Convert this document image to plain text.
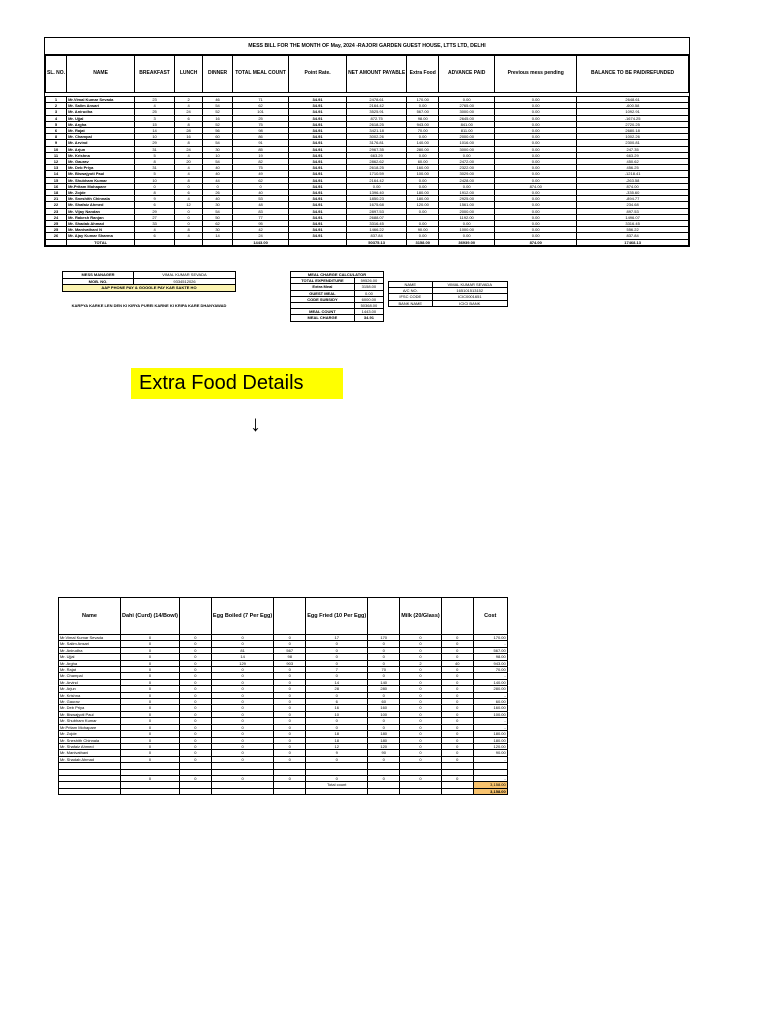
MESS BILL FOR THE MONTH OF May, 2024 -RAJORI GARDEN GUEST HOUSE, LTTS LTD, DELHI
SL. NO.	NAME	BREAKFAST	LUNCH	DINNER	TOTAL MEAL COUNT	Point Rate.	NET AMOUNT PAYABLE	Extra Food	ADVANCE PAID	Previous mess pending	BALANCE TO BE PAID/REFUNDED

1	Mr.Vimal Kumar Sevada	23	2	46	71	34.91	2478.61	170.00	0.00	0.00	2648.61
2	Mr. Salim Ansari	4	4	54	62	34.91	2164.42	0.00	2765.00	0.00	-600.58
3	Mr. Anirudha	25	24	52	101	34.91	3525.91	567.00	3000.00	0.00	1092.91
4	Mr. Ujjal	3	6	16	25	34.91	872.75	98.00	2645.00	0.00	-1674.25
5	Mr. Argha	15	8	52	75	34.91	2618.25	943.00	841.00	0.00	2720.25
6	Mr. Rajat	14	28	56	98	34.91	3421.18	70.00	811.00	0.00	2680.18
8	Mr. Champal	10	16	60	86	34.91	3002.26	0.00	2000.00	0.00	1002.26
9	Mr. Arvind	29	8	54	91	34.91	3176.81	140.00	1016.00	0.00	2300.81
10	Mr. Arjun	31	24	30	85	34.91	2967.35	280.00	3000.00	0.00	247.35
11	Mr. Krishna	5	4	10	19	34.91	663.29	0.00	0.00	0.00	663.29
12	Mr. Gaurav	8	20	54	82	34.91	2862.62	60.00	2472.00	0.00	450.62
13	Mr. Deb Priya	31	4	40	75	34.91	2618.25	160.00	2322.00	0.00	456.25
14	Mr. Biswajyoti Paul	5	4	40	49	34.91	1710.59	100.00	3029.00	0.00	-1218.41
15	Mr. Shubham Kumar	10	8	44	62	34.91	2164.42	0.00	2428.00	0.00	-263.58
16	Mr.Pritam Mohapare	0	0	0	0	34.91	0.00	0.00	0.00	874.00	874.00
18	Mr. Zojde	8	6	26	40	34.91	1396.40	180.00	1912.00	0.00	-335.60
21	Mr. Sneshith Chinnala	9	4	40	53	34.91	1850.23	180.00	2925.00	0.00	-894.77
22	Mr. Shafaiz Ahmed	6	12	30	48	34.91	1675.68	120.00	1561.00	0.00	234.68
23	Mr. Vijay Nandan	29	0	54	83	34.91	2897.53	0.00	2000.00	0.00	897.53
24	Mr. Rakesh Ranjan	27	0	50	77	34.91	2688.07		1192.00	0.00	1496.07
25	Mr. Shadab Ahmad	33	0	62	95	34.91	3316.45	0.00	0.00	0.00	3316.45
25	Mr. Manivathani N	4	8	30	42	34.91	1466.22	90.00	1000.00	0.00	556.22
26	Mr. Ajay Kumar Sharma	6	4	14	24	34.91	837.84	0.00	0.00	0.00	837.84
	TOTAL				1443.00		50375.13	3158.00	36939.00	874.00	17468.13
MESS MANAGER	VIMAL KUMAR SEVADA
MOB. NO.	9334512026
AAP PHONE PAY & GOOGLE PAY KAR SAKTE HO	
KARPYA KARKE LEN DEN KI KIRYA PUREI KARNE KI KRIPA KARE DHANYAWAD
MEAL CHARGE CALCULATOR	
TOTAL EXPENDITURE	59526.00
Extra Meal	3158.00
GUEST MEAL	0.00
CODE SUBSIDY	6000.00
	50368.00
MEAL COUNT	1443.00
MEAL CHARGE	34.91
NAME	VIMAL KUMAR SEVADA
A/C NO.	165101513152
IFSC CODE	ICIC0001651
BANK NAME	ICICI BANK
Extra Food Details
↓
Name	Dahi (Curd) (14/Bowl)		Egg Boiled (7 Per Egg)		Egg Fried (10 Per Egg)		Milk (20/Glass)		Cost
Mr.Vimal Kumar Sevada	0	0	0	0	17	170	0	0	170.00
Mr. Salim Ansari	0	0	0	0	0	0	0	0	-
Mr. Anirudha	0	0	81	567	0	0	0	0	567.00
Mr. Ujjal	0	0	14	98	0	0	0	0	98.00
Mr. Argha	0	0	129	903	0	0	2	40	943.00
Mr. Rajat	0	0	0	0	7	70	0	0	70.00
Mr. Champal	0	0	0	0	0	0	0	0	-
Mr. Arvind	0	0	0	0	14	140	0	0	140.00
Mr. Arjun	0	0	0	0	28	280	0	0	280.00
Mr. Krishna	0	0	0	0	0	0	0	0	-
Mr. Gaurav	0	0	0	0	6	60	0	0	60.00
Mr. Deb Priya	0	0	0	0	16	160	0	0	160.00
Mr. Biswajyoti Paul	0	0	0	0	10	100	0	0	100.00
Mr. Shubham Kumar	0	0	0	0	0	0	0	0	-
Mr.Pritam Mohapare	0	0	0	0	0	0	0	0	-
Mr. Zojde	0	0	0	0	18	180	0	0	180.00
Mr. Sneshith Chinnala	0	0	0	0	18	180	0	0	180.00
Mr. Shafaiz Ahmed	0	0	0	0	12	120	0	0	120.00
Mr. Manivathani	0	0	0	0	9	90	0	0	90.00
Mr. Shadab Ahmad	0	0	0	0	0	0	0	0	-

	0	0	0	0	0	0	0	0	-
					Total count				3,158.00
									3,158.00
